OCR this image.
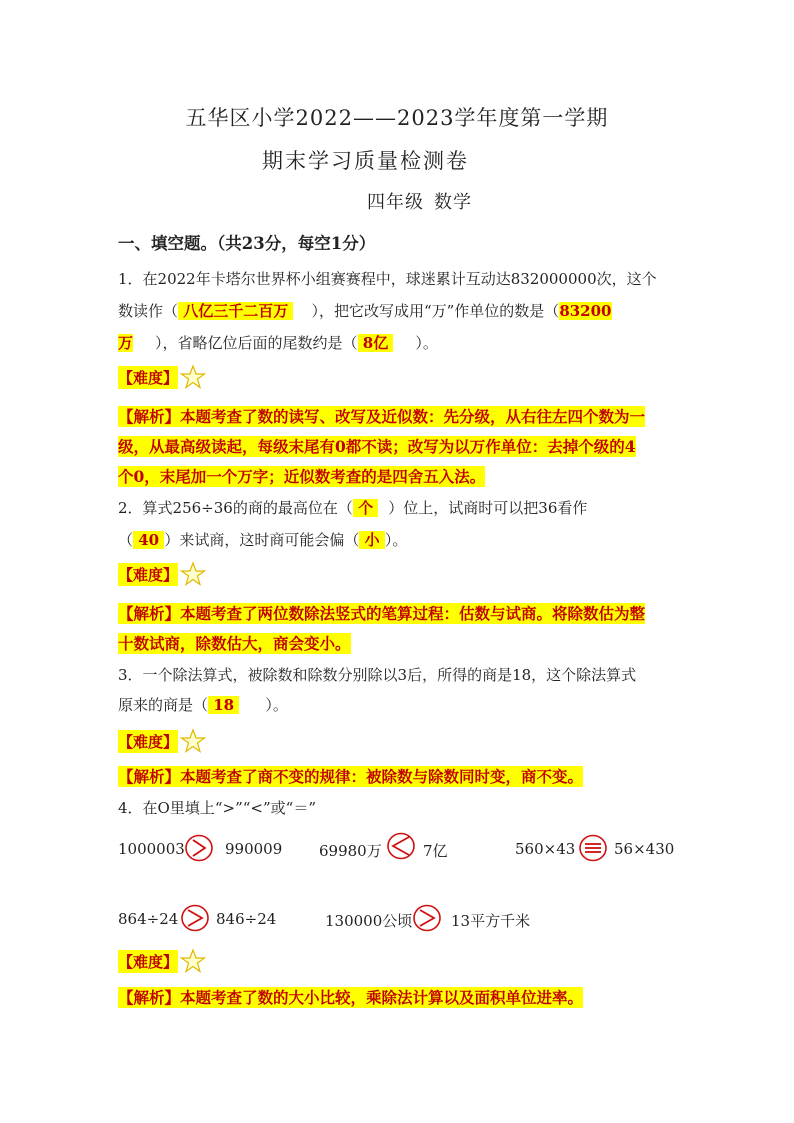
五华区小学2022——2023学年度第一学期
期末学习质量检测卷
四年级 数学
一、填空题。（共23分，每空1分）
1．在2022年卡塔尔世界杯小组赛赛程中，球迷累计互动达832000000次，这个
数读作（ 八亿三千二百万 ），把它改写成用“万”作单位的数是（83200
万 ），省略亿位后面的尾数约是（ 8亿 ）。
【难度】
【解析】本题考查了数的读写、改写及近似数：先分级，从右往左四个数为一
级，从最高级读起，每级末尾有0都不读；改写为以万作单位：去掉个级的4
个0，末尾加一个万字；近似数考查的是四舍五入法。
2．算式256÷36的商的最高位在（ 个 ）位上，试商时可以把36看作
（ 40 ）来试商，这时商可能会偏（ 小 ）。
【难度】
【解析】本题考查了两位数除法竖式的笔算过程：估数与试商。将除数估为整
十数试商，除数估大，商会变小。
3．一个除法算式，被除数和除数分别除以3后，所得的商是18，这个除法算式
原来的商是（ 18 ）。
【难度】
【解析】本题考查了商不变的规律：被除数与除数同时变，商不变。
4．在O里填上“>”“<”或“＝”
1000003	990009 69980万	7亿	560×43	56×430
864÷24	846÷24	130000公顷	13平方千米
【难度】
【解析】本题考查了数的大小比较，乘除法计算以及面积单位进率。
